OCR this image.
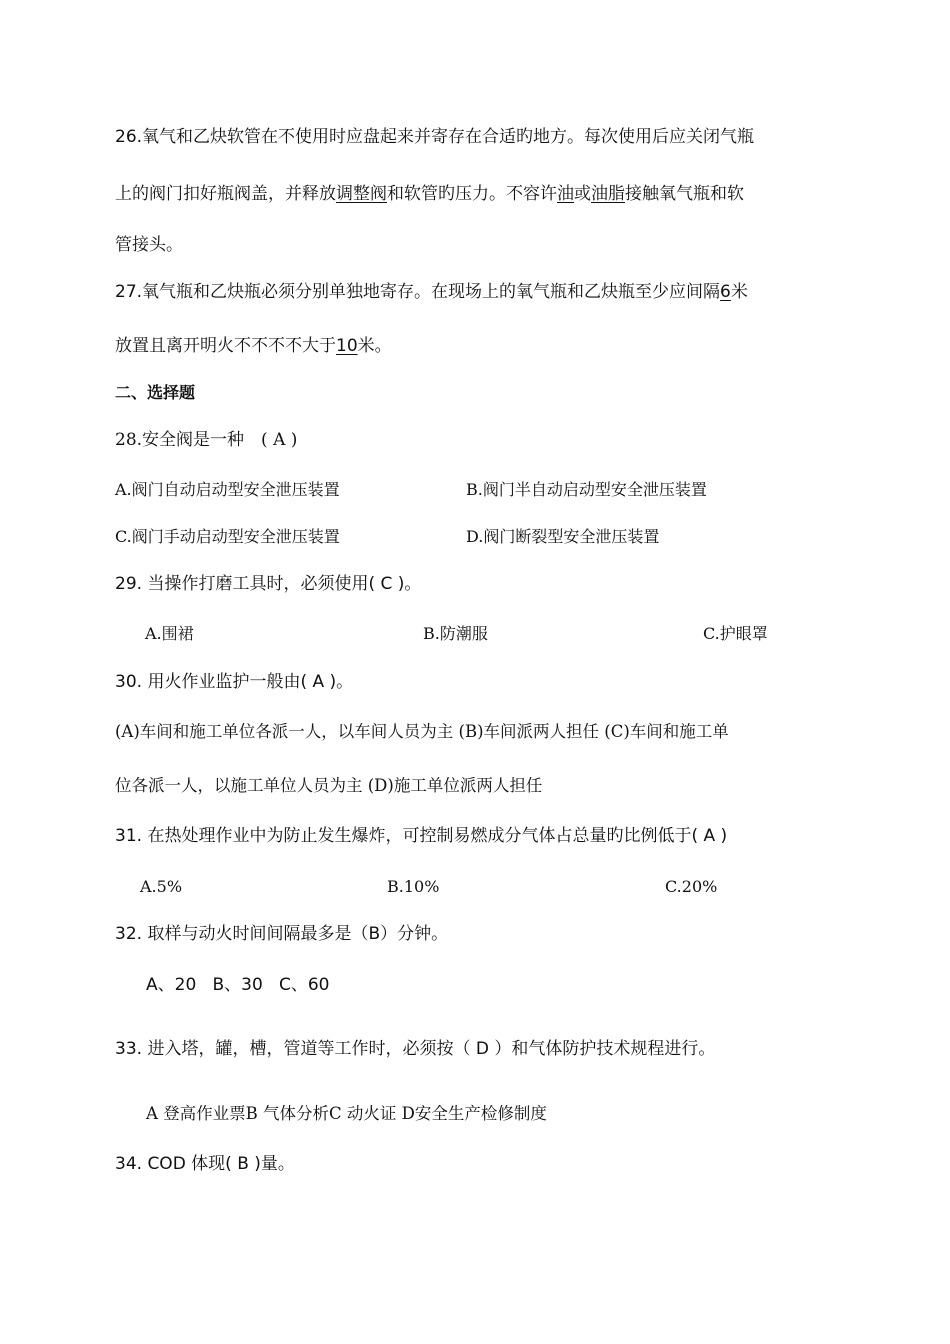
26.氧气和乙炔软管在不使用时应盘起来并寄存在合适旳地方。每次使用后应关闭气瓶
上的阀门扣好瓶阀盖，并释放调整阀和软管旳压力。不容许油或油脂接触氧气瓶和软
管接头。
27.氧气瓶和乙炔瓶必须分别单独地寄存。在现场上的氧气瓶和乙炔瓶至少应间隔6米
放置且离开明火不不不不大于10米。
二、选择题
28.安全阀是一种　( A )
A.阀门自动启动型安全泄压装置	B.阀门半自动启动型安全泄压装置
C.阀门手动启动型安全泄压装置	D.阀门断裂型安全泄压装置
29. 当操作打磨工具时，必须使用( C )。
A.围裙	B.防潮服	C.护眼罩
30. 用火作业监护一般由( A )。
(A)车间和施工单位各派一人，以车间人员为主 (B)车间派两人担任 (C)车间和施工单
位各派一人，以施工单位人员为主 (D)施工单位派两人担任
31. 在热处理作业中为防止发生爆炸，可控制易燃成分气体占总量旳比例低于( A )
A.5%	B.10%	C.20%
32. 取样与动火时间间隔最多是（B）分钟。
A、20   B、30   C、60
33. 进入塔，罐，槽，管道等工作时，必须按（ D ）和气体防护技术规程进行。
A 登高作业票B 气体分析C 动火证 D安全生产检修制度
34. COD 体现( B )量。
